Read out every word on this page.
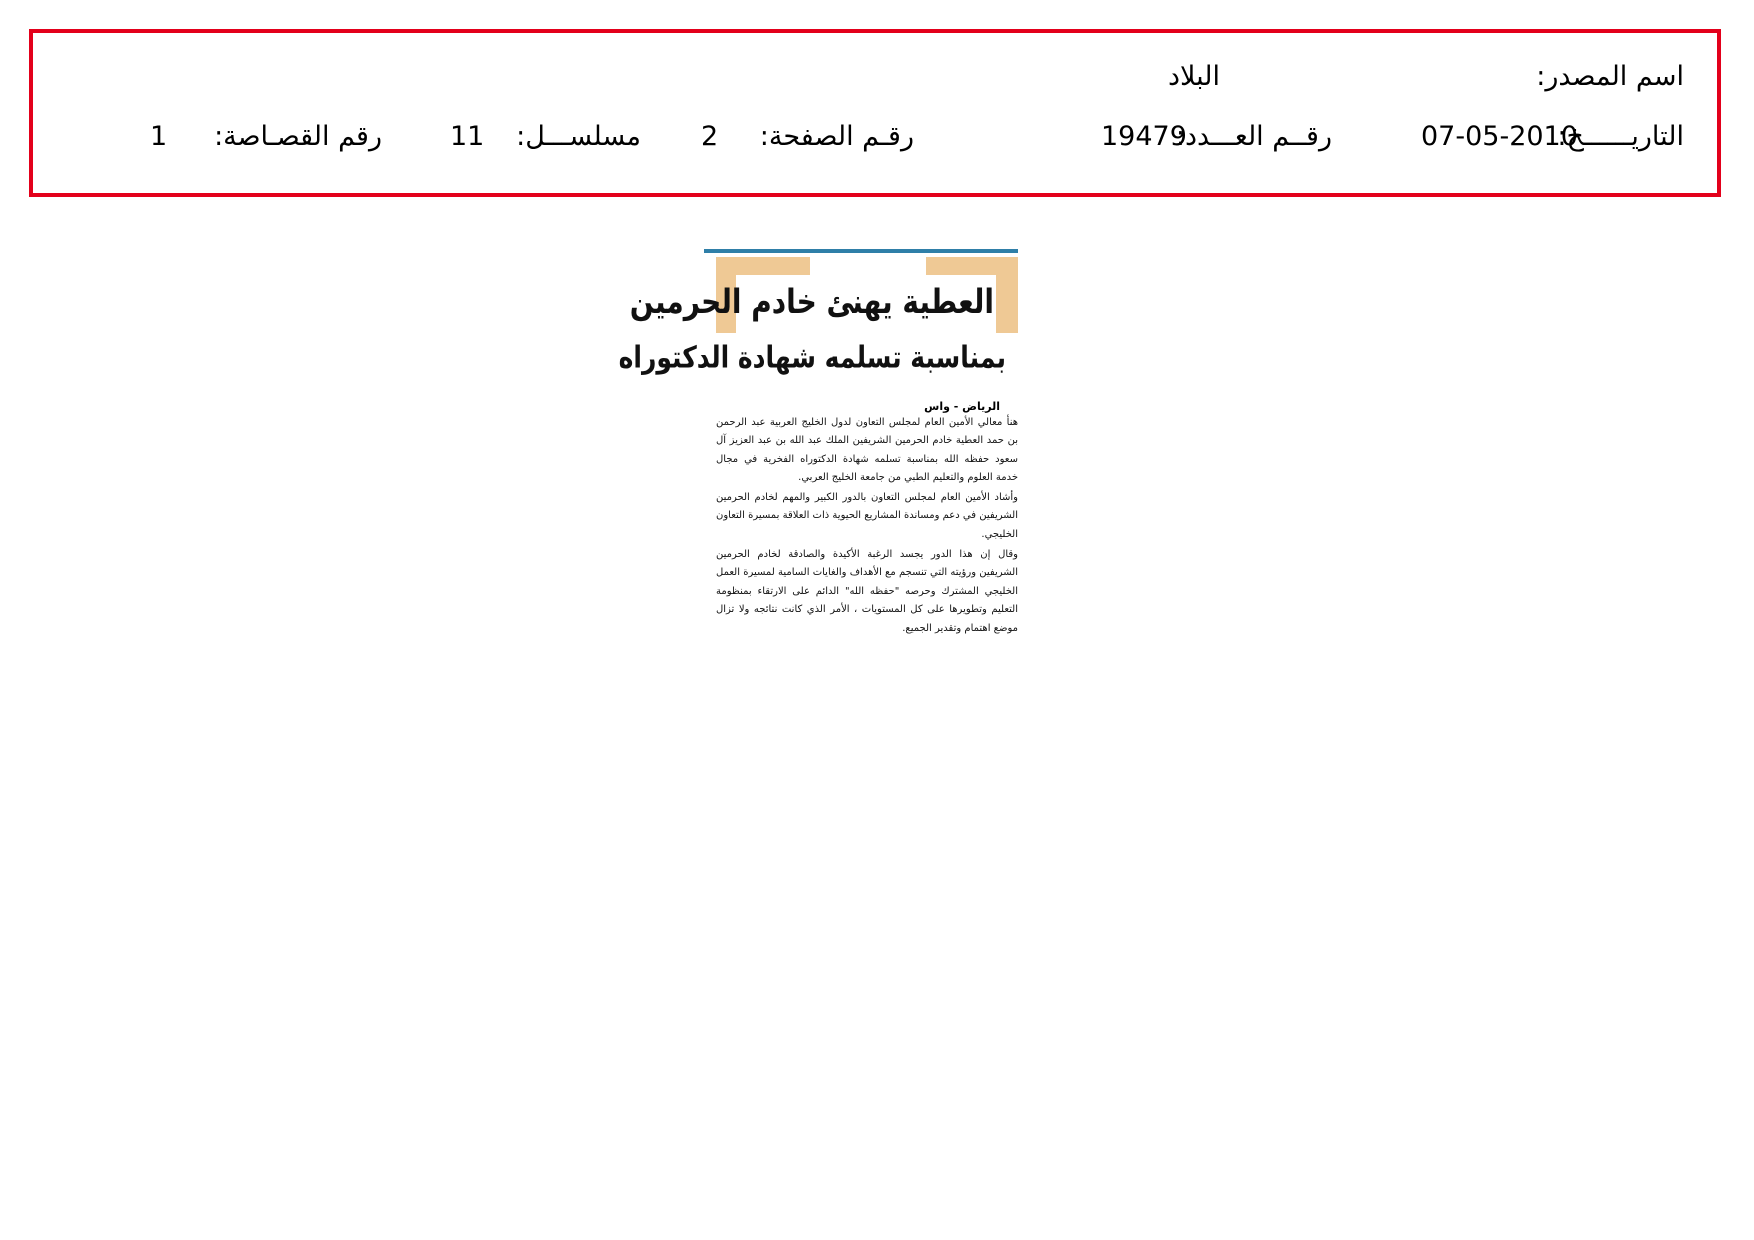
اسم المصدر:
البلاد
التاريــــــخ:
07-05-2010
رقــم العـــدد:
19479
رقـم الصفحة:
2
مسلســـل:
11
رقم القصـاصة:
1
العطية يهنئ خادم الحرمين
بمناسبة تسلمه شهادة الدكتوراه
الرياض - واس

هنأ معالي الأمين العام لمجلس التعاون لدول الخليج العربية عبد الرحمن بن حمد العطية خادم الحرمين الشريفين الملك عبد الله بن عبد العزيز آل سعود حفظه الله بمناسبة تسلمه شهادة الدكتوراه الفخرية في مجال خدمة العلوم والتعليم الطبي من جامعة الخليج العربي.

وأشاد الأمين العام لمجلس التعاون بالدور الكبير والمهم لخادم الحرمين الشريفين في دعم ومساندة المشاريع الحيوية ذات العلاقة بمسيرة التعاون الخليجي.

وقال إن هذا الدور يجسد الرغبة الأكيدة والصادقة لخادم الحرمين الشريفين ورؤيته التي تنسجم مع الأهداف والغايات السامية لمسيرة العمل الخليجي المشترك وحرصه "حفظه الله" الدائم على الارتقاء بمنظومة التعليم وتطويرها على كل المستويات ، الأمر الذي كانت نتائجه ولا تزال موضع اهتمام وتقدير الجميع.
